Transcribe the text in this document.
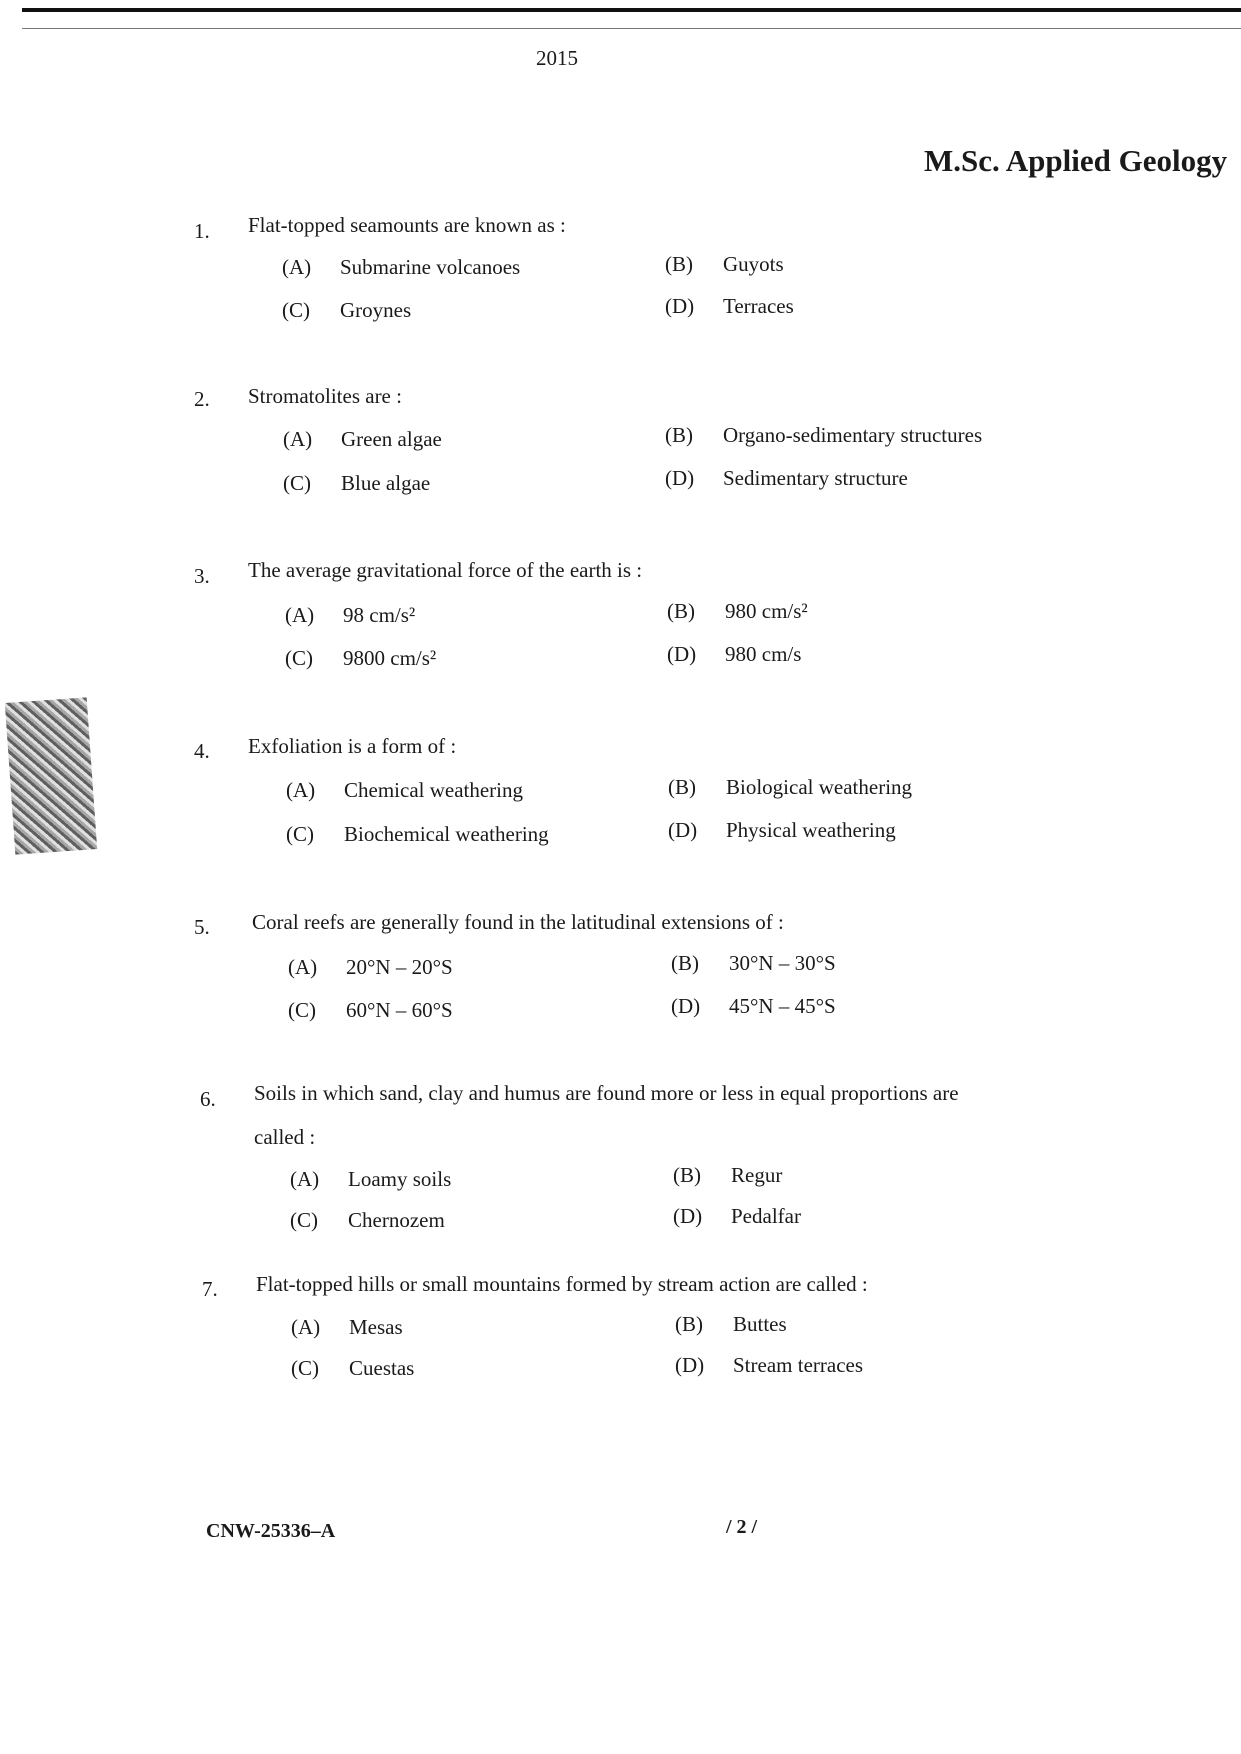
2015
M.Sc. Applied Geology
1. Flat-topped seamounts are known as :
(A) Submarine volcanoes	(B) Guyots
(C) Groynes	(D) Terraces
2. Stromatolites are :
(A) Green algae	(B) Organo-sedimentary structures
(C) Blue algae	(D) Sedimentary structure
3. The average gravitational force of the earth is :
(A) 98 cm/s²	(B) 980 cm/s²
(C) 9800 cm/s²	(D) 980 cm/s
4. Exfoliation is a form of :
(A) Chemical weathering	(B) Biological weathering
(C) Biochemical weathering	(D) Physical weathering
5. Coral reefs are generally found in the latitudinal extensions of :
(A) 20°N – 20°S	(B) 30°N – 30°S
(C) 60°N – 60°S	(D) 45°N – 45°S
6. Soils in which sand, clay and humus are found more or less in equal proportions are
called :
(A) Loamy soils	(B) Regur
(C) Chernozem	(D) Pedalfar
7. Flat-topped hills or small mountains formed by stream action are called :
(A) Mesas	(B) Buttes
(C) Cuestas	(D) Stream terraces
CNW-25336–A	/ 2 /
